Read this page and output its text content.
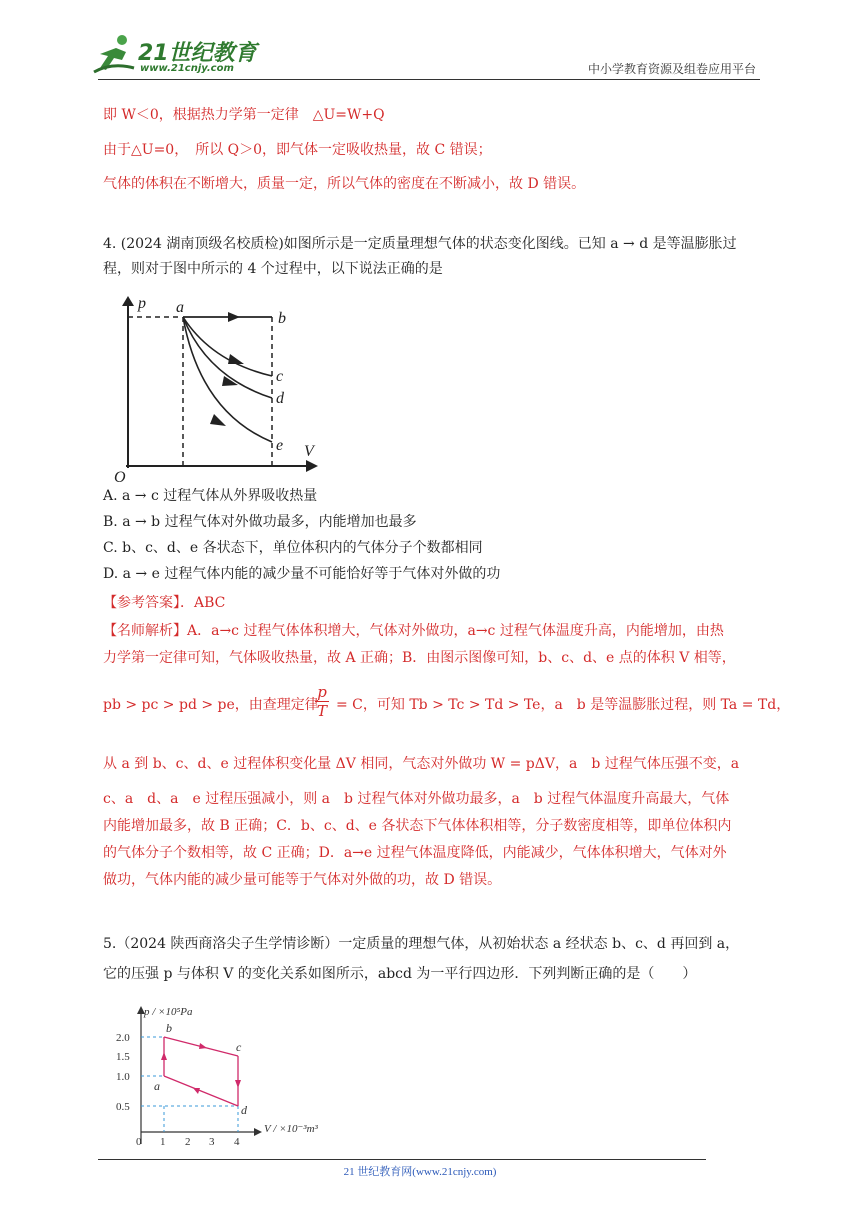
21世纪教育
www.21cnjy.com	中小学教育资源及组卷应用平台
即 W＜0，根据热力学第一定律　△U=W+Q
由于△U=0，　所以 Q＞0，即气体一定吸收热量，故 C 错误；
气体的体积在不断增大，质量一定，所以气体的密度在不断减小，故 D 错误。
4. (2024 湖南顶级名校质检)如图所示是一定质量理想气体的状态变化图线。已知 a → d 是等温膨胀过
程，则对于图中所示的 4 个过程中，以下说法正确的是
p
V
O
a
b
c
d
e
A. a → c 过程气体从外界吸收热量
B. a → b 过程气体对外做功最多，内能增加也最多
C. b、c、d、e 各状态下，单位体积内的气体分子个数都相同
D. a → e 过程气体内能的减少量不可能恰好等于气体对外做的功
【参考答案】．ABC
【名师解析】A．a→c 过程气体体积增大，气体对外做功，a→c 过程气体温度升高，内能增加，由热
力学第一定律可知，气体吸收热量，故 A 正确；B．由图示图像可知，b、c、d、e 点的体积 V 相等，
pb > pc > pd > pe，由查理定律
p
T = C，可知 Tb > Tc > Td > Te，a　b 是等温膨胀过程，则 Ta = Td，
从 a 到 b、c、d、e 过程体积变化量 ΔV 相同，气态对外做功 W = pΔV，a　b 过程气体压强不变，a
c、a　d、a　e 过程压强减小，则 a　b 过程气体对外做功最多，a　b 过程气体温度升高最大，气体
内能增加最多，故 B 正确；C．b、c、d、e 各状态下气体体积相等，分子数密度相等，即单位体积内
的气体分子个数相等，故 C 正确；D．a→e 过程气体温度降低，内能减少，气体体积增大，气体对外
做功，气体内能的减少量可能等于气体对外做的功，故 D 错误。
5.（2024 陕西商洛尖子生学情诊断）一定质量的理想气体，从初始状态 a 经状态 b、c、d 再回到 a，
它的压强 p 与体积 V 的变化关系如图所示，abcd 为一平行四边形．下列判断正确的是（　　）
p / ×10⁵Pa
V / ×10⁻³m³
2.0
1.5
1.0
0.5
0 1 2 3 4
a
b
c
d
21 世纪教育网(www.21cnjy.com)
